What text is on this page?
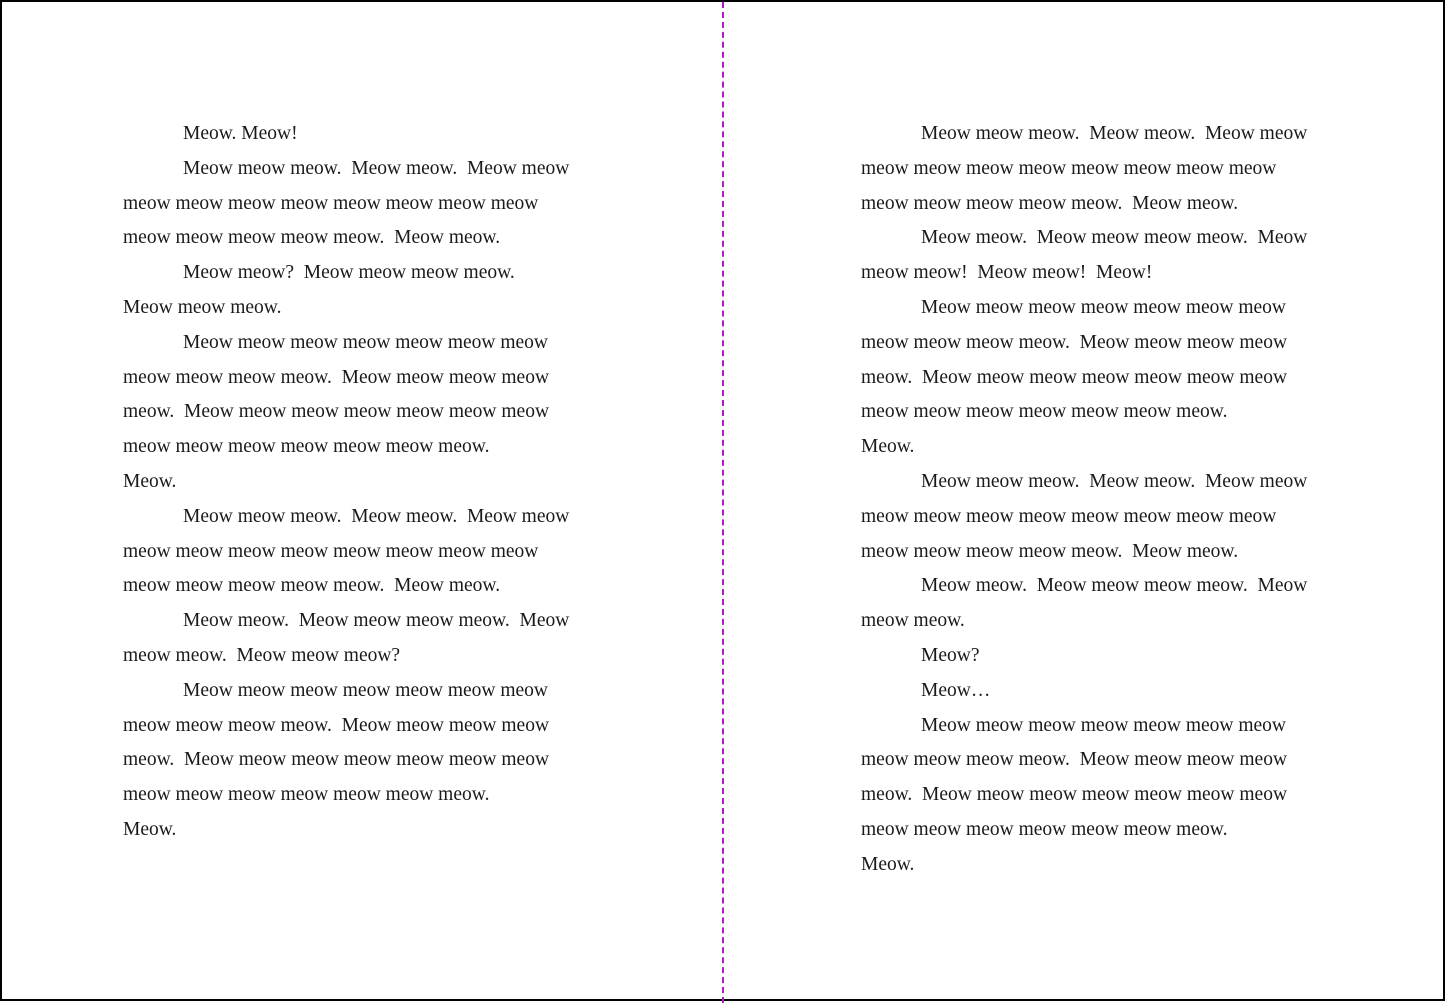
Meow. Meow!
Meow meow meow.  Meow meow.  Meow meow
meow meow meow meow meow meow meow meow
meow meow meow meow meow.  Meow meow.
Meow meow?  Meow meow meow meow.
Meow meow meow.
Meow meow meow meow meow meow meow
meow meow meow meow.  Meow meow meow meow
meow.  Meow meow meow meow meow meow meow
meow meow meow meow meow meow meow.
Meow.
Meow meow meow.  Meow meow.  Meow meow
meow meow meow meow meow meow meow meow
meow meow meow meow meow.  Meow meow.
Meow meow.  Meow meow meow meow.  Meow
meow meow.  Meow meow meow?
Meow meow meow meow meow meow meow
meow meow meow meow.  Meow meow meow meow
meow.  Meow meow meow meow meow meow meow
meow meow meow meow meow meow meow.
Meow.
Meow meow meow.  Meow meow.  Meow meow
meow meow meow meow meow meow meow meow
meow meow meow meow meow.  Meow meow.
Meow meow.  Meow meow meow meow.  Meow
meow meow!  Meow meow!  Meow!
Meow meow meow meow meow meow meow
meow meow meow meow.  Meow meow meow meow
meow.  Meow meow meow meow meow meow meow
meow meow meow meow meow meow meow.
Meow.
Meow meow meow.  Meow meow.  Meow meow
meow meow meow meow meow meow meow meow
meow meow meow meow meow.  Meow meow.
Meow meow.  Meow meow meow meow.  Meow
meow meow.
Meow?
Meow…
Meow meow meow meow meow meow meow
meow meow meow meow.  Meow meow meow meow
meow.  Meow meow meow meow meow meow meow
meow meow meow meow meow meow meow.
Meow.
